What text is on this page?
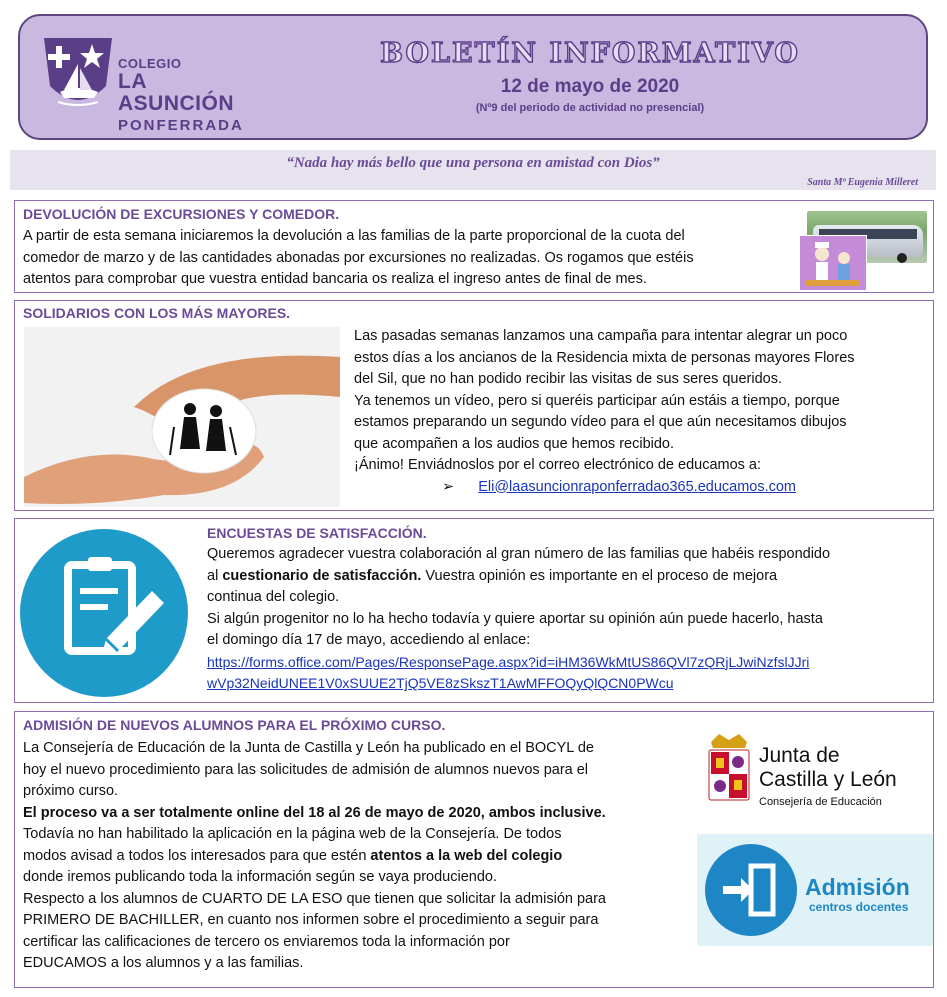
COLEGIO
LA ASUNCIÓN
PONFERRADA
BOLETÍN INFORMATIVO
12 de mayo de 2020
(Nº9 del periodo de actividad no presencial)
“Nada hay más bello que una persona en amistad con Dios”
Santa Mª Eugenia Milleret
DEVOLUCIÓN DE EXCURSIONES Y COMEDOR.
A partir de esta semana iniciaremos la devolución a las familias de la parte proporcional de la cuota del
comedor de marzo y de las cantidades abonadas por excursiones no realizadas. Os rogamos que estéis
atentos para comprobar que vuestra entidad bancaria os realiza el ingreso antes de final de mes.
SOLIDARIOS CON LOS MÁS MAYORES.
Las pasadas semanas lanzamos una campaña para intentar alegrar un poco
estos días a los ancianos de la Residencia mixta de personas mayores Flores
del Sil, que no han podido recibir las visitas de sus seres queridos.
Ya tenemos un vídeo, pero si queréis participar aún estáis a tiempo, porque
estamos preparando un segundo vídeo para el que aún necesitamos dibujos
que acompañen a los audios que hemos recibido.
¡Ánimo! Enviádnoslos por el correo electrónico de educamos a:
➢ Eli@laasuncionraponferradao365.educamos.com
ENCUESTAS DE SATISFACCIÓN.
Queremos agradecer vuestra colaboración al gran número de las familias que habéis respondido
al cuestionario de satisfacción. Vuestra opinión es importante en el proceso de mejora
continua del colegio.
Si algún progenitor no lo ha hecho todavía y quiere aportar su opinión aún puede hacerlo, hasta
el domingo día 17 de mayo, accediendo al enlace:
https://forms.office.com/Pages/ResponsePage.aspx?id=iHM36WkMtUS86QVl7zQRjLJwiNzfslJJri
wVp32NeidUNEE1V0xSUUE2TjQ5VE8zSkszT1AwMFFOQyQlQCN0PWcu
ADMISIÓN DE NUEVOS ALUMNOS PARA EL PRÓXIMO CURSO.
La Consejería de Educación de la Junta de Castilla y León ha publicado en el BOCYL de
hoy el nuevo procedimiento para las solicitudes de admisión de alumnos nuevos para el
próximo curso.
El proceso va a ser totalmente online del 18 al 26 de mayo de 2020, ambos inclusive.
Todavía no han habilitado la aplicación en la página web de la Consejería. De todos
modos avisad a todos los interesados para que estén atentos a la web del colegio
donde iremos publicando toda la información según se vaya produciendo.
Respecto a los alumnos de CUARTO DE LA ESO que tienen que solicitar la admisión para
PRIMERO DE BACHILLER, en cuanto nos informen sobre el procedimiento a seguir para
certificar las calificaciones de tercero os enviaremos toda la información por
EDUCAMOS a los alumnos y a las familias.
Junta de
Castilla y León
Consejería de Educación
Admisión
centros docentes
